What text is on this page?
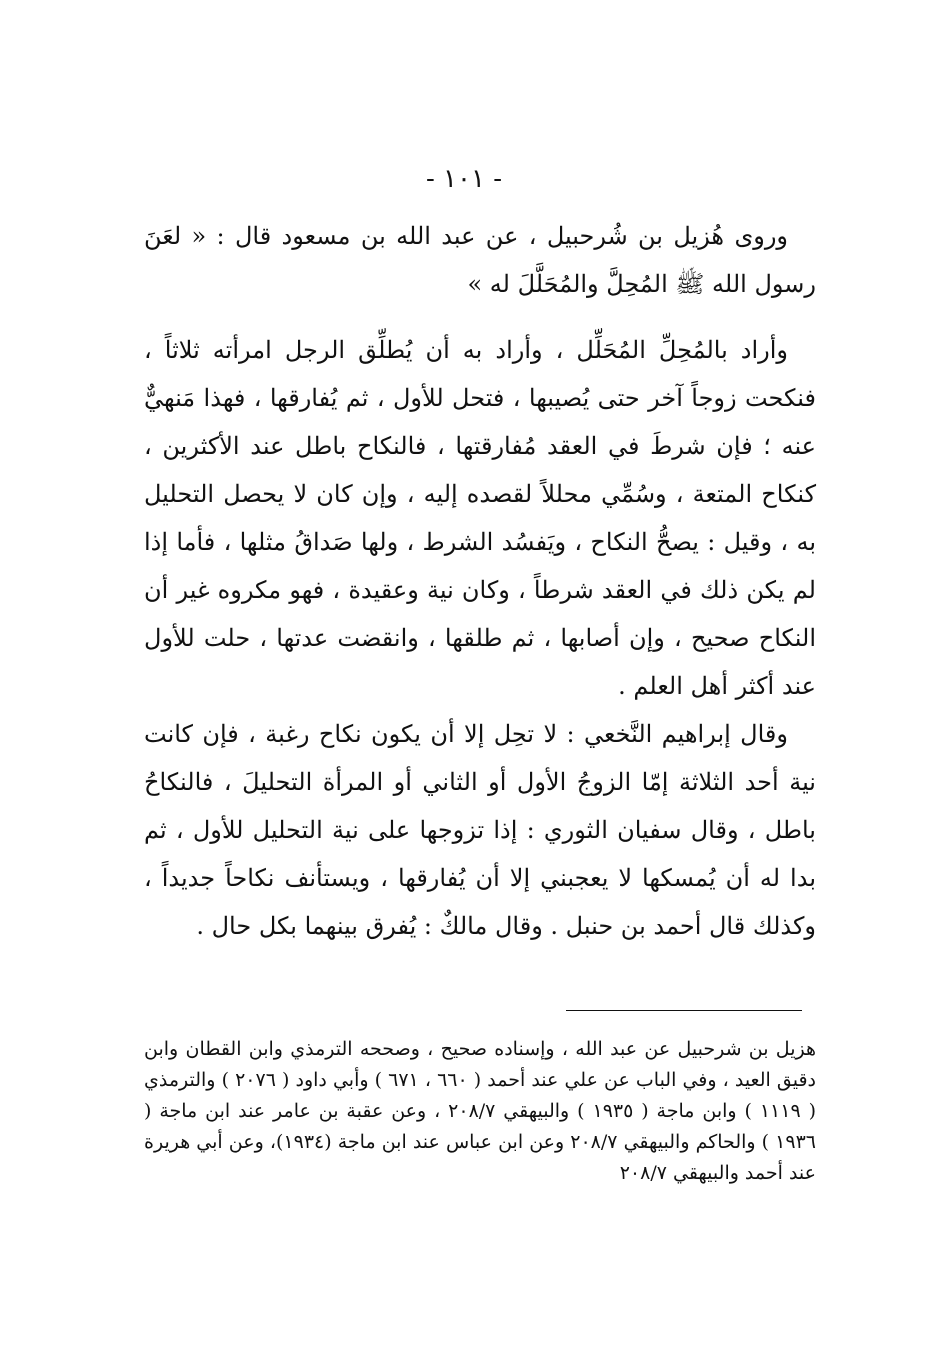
- ١٠١ -

وروى هُزيل بن شُرحبيل ، عن عبد الله بن مسعود قال : « لعَنَ رسول الله ﷺ المُحِلَّ والمُحَلَّلَ له »

وأراد بالمُحِلِّ المُحَلِّل ، وأراد به أن يُطلِّق الرجل امرأته ثلاثاً ، فنكحت زوجاً آخر حتى يُصيبها ، فتحل للأول ، ثم يُفارقها ، فهذا مَنهيٌّ عنه ؛ فإن شرطَ في العقد مُفارقتها ، فالنكاح باطل عند الأكثرين ، كنكاح المتعة ، وسُمِّي محللاً لقصده إليه ، وإن كان لا يحصل التحليل به ، وقيل : يصحُّ النكاح ، ويَفسُد الشرط ، ولها صَداقُ مثلها ، فأما إذا لم يكن ذلك في العقد شرطاً ، وكان نية وعقيدة ، فهو مكروه غير أن النكاح صحيح ، وإن أصابها ، ثم طلقها ، وانقضت عدتها ، حلت للأول عند أكثر أهل العلم .

وقال إبراهيم النَّخعي : لا تحِل إلا أن يكون نكاح رغبة ، فإن كانت نية أحد الثلاثة إمّا الزوجُ الأول أو الثاني أو المرأة التحليلَ ، فالنكاحُ باطل ، وقال سفيان الثوري : إذا تزوجها على نية التحليل للأول ، ثم بدا له أن يُمسكها لا يعجبني إلا أن يُفارقها ، ويستأنف نكاحاً جديداً ، وكذلك قال أحمد بن حنبل . وقال مالكٌ : يُفرق بينهما بكل حال .

هزيل بن شرحبيل عن عبد الله ، وإسناده صحيح ، وصححه الترمذي وابن القطان وابن دقيق العيد ، وفي الباب عن علي عند أحمد ( ٦٦٠ ، ٦٧١ ) وأبي داود ( ٢٠٧٦ ) والترمذي ( ١١١٩ ) وابن ماجة ( ١٩٣٥ ) والبيهقي ٢٠٨/٧ ، وعن عقبة بن عامر عند ابن ماجة ( ١٩٣٦ ) والحاكم والبيهقي ٢٠٨/٧ وعن ابن عباس عند ابن ماجة (١٩٣٤)، وعن أبي هريرة عند أحمد والبيهقي ٢٠٨/٧
